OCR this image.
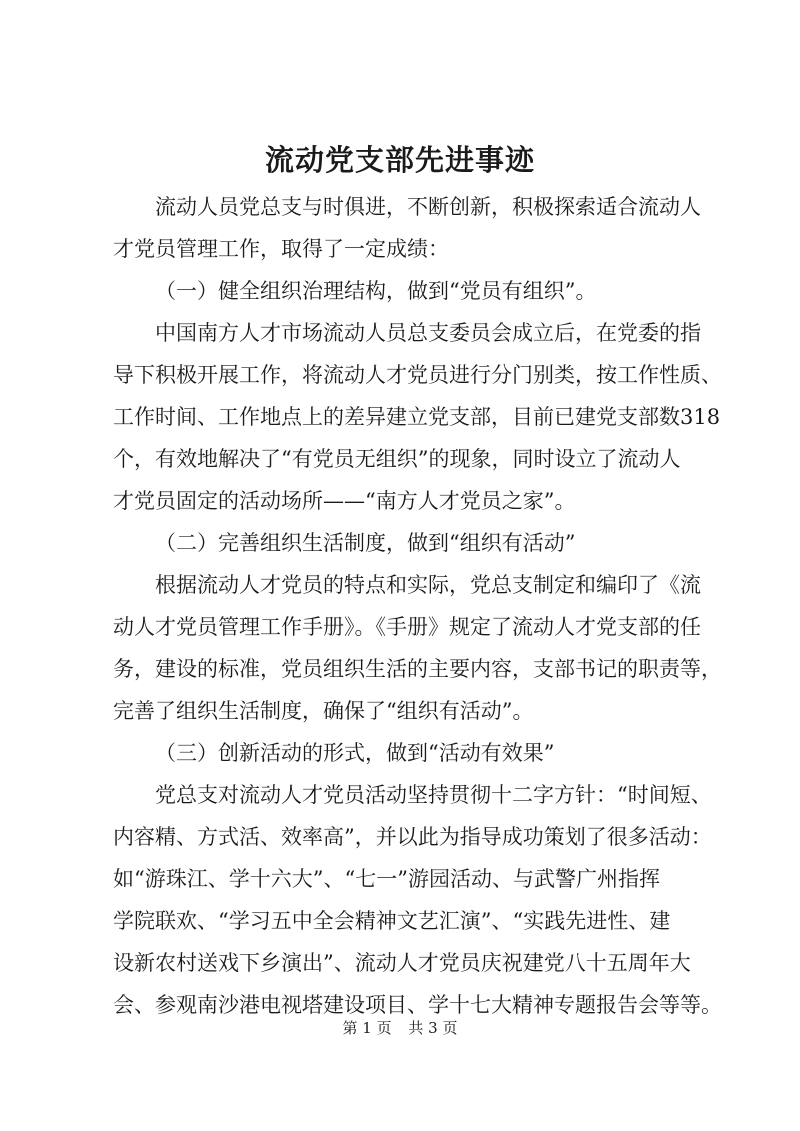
流动党支部先进事迹

流动人员党总支与时俱进，不断创新，积极探索适合流动人
才党员管理工作，取得了一定成绩：

（一）健全组织治理结构，做到“党员有组织”。

中国南方人才市场流动人员总支委员会成立后，在党委的指
导下积极开展工作，将流动人才党员进行分门别类，按工作性质、
工作时间、工作地点上的差异建立党支部，目前已建党支部数318
个，有效地解决了“有党员无组织”的现象，同时设立了流动人
才党员固定的活动场所——“南方人才党员之家”。

（二）完善组织生活制度，做到“组织有活动”

根据流动人才党员的特点和实际，党总支制定和编印了《流
动人才党员管理工作手册》。《手册》规定了流动人才党支部的任
务，建设的标准，党员组织生活的主要内容，支部书记的职责等，
完善了组织生活制度，确保了“组织有活动”。

（三）创新活动的形式，做到“活动有效果”

党总支对流动人才党员活动坚持贯彻十二字方针：“时间短、
内容精、方式活、效率高”，并以此为指导成功策划了很多活动：
如“游珠江、学十六大”、“七一”游园活动、与武警广州指挥
学院联欢、“学习五中全会精神文艺汇演”、“实践先进性、建
设新农村送戏下乡演出”、流动人才党员庆祝建党八十五周年大
会、参观南沙港电视塔建设项目、学十七大精神专题报告会等等。

第 1 页 共 3 页
